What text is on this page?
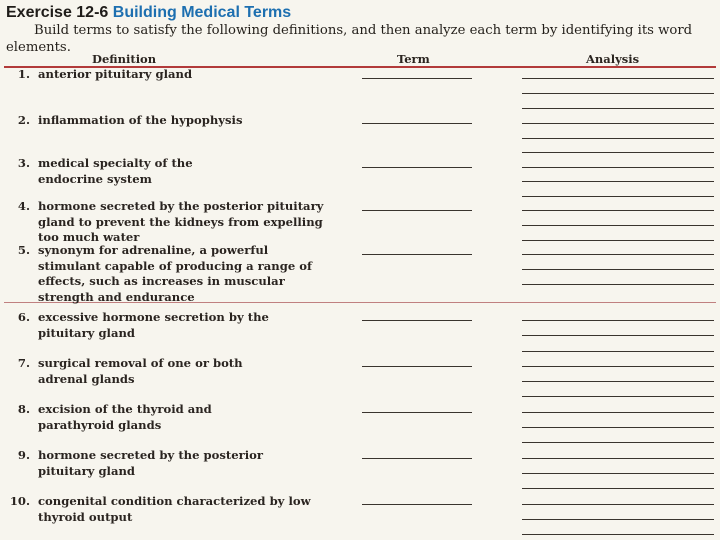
Exercise 12-6 Building Medical Terms
Build terms to satisfy the following definitions, and then analyze each term by identifying its word elements.
Definition	Term	Analysis
1. anterior pituitary gland
2. inflammation of the hypophysis
3. medical specialty of the endocrine system
4. hormone secreted by the posterior pituitary gland to prevent the kidneys from expelling too much water
5. synonym for adrenaline, a powerful stimulant capable of producing a range of effects, such as increases in muscular strength and endurance
6. excessive hormone secretion by the pituitary gland
7. surgical removal of one or both adrenal glands
8. excision of the thyroid and parathyroid glands
9. hormone secreted by the posterior pituitary gland
10. congenital condition characterized by low thyroid output
